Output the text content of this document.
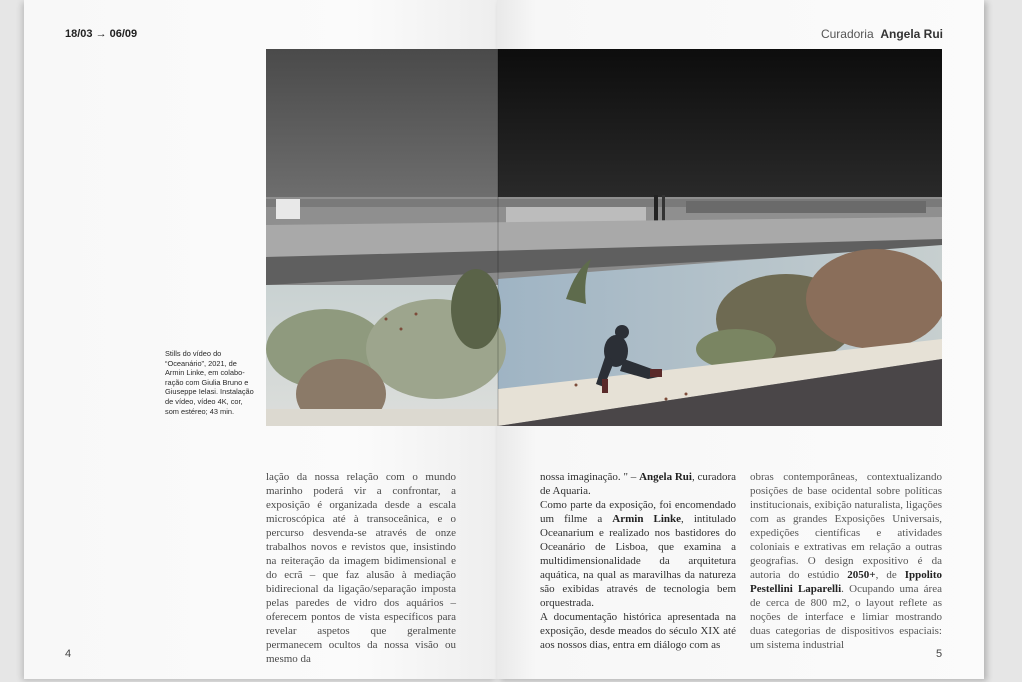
18/03 → 06/09	Curadoria Angela Rui
Stills do vídeo do “Oceanário”, 2021, de Armin Linke, em colabo-ração com Giulia Bruno e Giuseppe Ielasi. Instalação de vídeo, vídeo 4K, cor, som estéreo; 43 min.

lação da nossa relação com o mundo marinho poderá vir a confrontar, a exposição é organizada desde a escala microscópica até à transoceânica, e o percurso desvenda-se através de onze trabalhos novos e revistos que, insistindo na reiteração da imagem bidimensional e do ecrã – que faz alusão à mediação bidirecional da ligação/separação imposta pelas paredes de vidro dos aquários – oferecem pontos de vista específicos para revelar aspetos que geralmente permanecem ocultos da nossa visão ou mesmo da

nossa imaginação. " – Angela Rui, curadora de Aquaria.

Como parte da exposição, foi encomendado um filme a Armin Linke, intitulado Oceanarium e realizado nos bastidores do Oceanário de Lisboa, que examina a multidimensionalidade da arquitetura aquática, na qual as maravilhas da natureza são exibidas através de tecnologia bem orquestrada.

A documentação histórica apresentada na exposição, desde meados do século XIX até aos nossos dias, entra em diálogo com as

obras contemporâneas, contextualizando posições de base ocidental sobre políticas institucionais, exibição naturalista, ligações com as grandes Exposições Universais, expedições científicas e atividades coloniais e extrativas em relação a outras geografias. O design expositivo é da autoria do estúdio 2050+, de Ippolito Pestellini Laparelli. Ocupando uma área de cerca de 800 m2, o layout reflete as noções de interface e limiar mostrando duas categorias de dispositivos espaciais: um sistema industrial

4	5
